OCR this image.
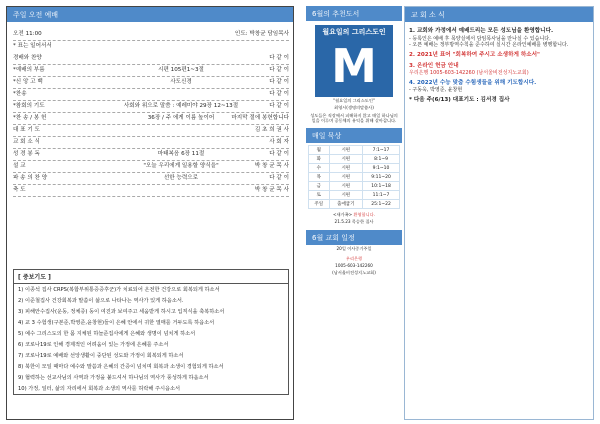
주일 오전 예배
오전 11:00	인도: 박창균 담임목사
* 표는 일어서서
경배와 찬양	다 같 이
*예배의 부름	시편 105편1~3절	다 같 이
*신 앙 고 백	사도신경	다 같 이
*찬송	다 같 이
*참회의 기도	사회와 위으로 말씀 : 예레미야 29장 12~13절	다 같 이
*찬 송 / 봉 헌	36장 / 주 에게 이름 높이어	마지막 절에 봉헌합니다
대 표 기 도	김 초 희 권 사
교 회 소 식	사 회 자
성 경 봉 독	마태복음 6장 11절	다 같 이
설 교	"오늘 우리에게 일용할 양식을"	박 창 균 목 사
파 송 의 찬 양	선한 능력으로	다 같 이
축 도	박 창 균 목 사
[ 중보기도 ]
1) 이종석 집사 CRPS(복합부위통증증후군)가 치료되어 온전한 건강으로 회복되게 하소서
2) 이준철집사 건강회복과 말씀이 삶으로 나타나는 역사가 있게 하옵소서.
3) 피해안수집사(운동, 정체증) 동이 여진과 보여주고 세움받게 하시고 입직식을 축복하소서
4) 교 3 수험생(구본준,박영준,윤창현)들이 은혜 안에서 귀한 열매를 거두도록 하옵소서
5) 예수 그리스도의 한 몸 지체된 하늘준집사에게 은혜와 생명이 넘치게 하소서
6) 코로나19로 인해 경제적인 어려움이 있는 가정에 은혜를 주소서
7) 코로나19로 예배와 선앙생활이 중단된 성도와 가정이 회복되게 하소서
8) 북한이 모일 때마다 예수와 말씀과 은혜의 간증이 넘치며 회복과 소생이 경험되게 하소서
9) 협력하는 선교사님의 사역과 가정을 붙드셔서 하나님의 역사가 풍성하게 하옵소서
10) 가정, 일터, 삶의 자리에서 회복과 소생의 역사를 허락해 주시옵소서
6월의 추천도서
월요일의 그리스도인
M
"월요일의 그리스도인"
최영시(생명의말씀사)
성도들은 직장에서 피해하지 않고 매일 하나님의 일을 이루며 공동체의 유익을 위해 살아갑니다.
매일 묵상
월	시편	7:1~17
화	시편	8:1~9
수	시편	9:1~10
목	시편	9:11~20
금	시편	10:1~18
토	시편	11:1~7
주일	출애굽기	25:1~22
<새가족> 환영합니다.
21.5.23 목승한 집사
6월 교회 일정
20일 이사중기주일
우리은행
1005-603-142260
(남서울비전성지노교회)
교 회 소 식
1. 교회와 가정에서 예배드리는 모든 성도님을 환영합니다.
- 등록인은 예배 후 목양실에서 담임목사님을 만나실 수 있습니다.
- 오픈 예배는 정부방역수칙을 준수하여 실시간 온라인예배를 병행합니다.
2. 2021년 표어 "회복하여 주시고 소생하게 하소서"
3. 온라인 헌금 안내
우리은행 1005-603-142260 (남서울비전성지노교회)
4. 2022년 수능 맞춤 수험생들을 위해 기도합시다.
- 구동욱, 박영준, 윤창현
* 다음 주(6/13) 대표기도 : 김서경 집사
